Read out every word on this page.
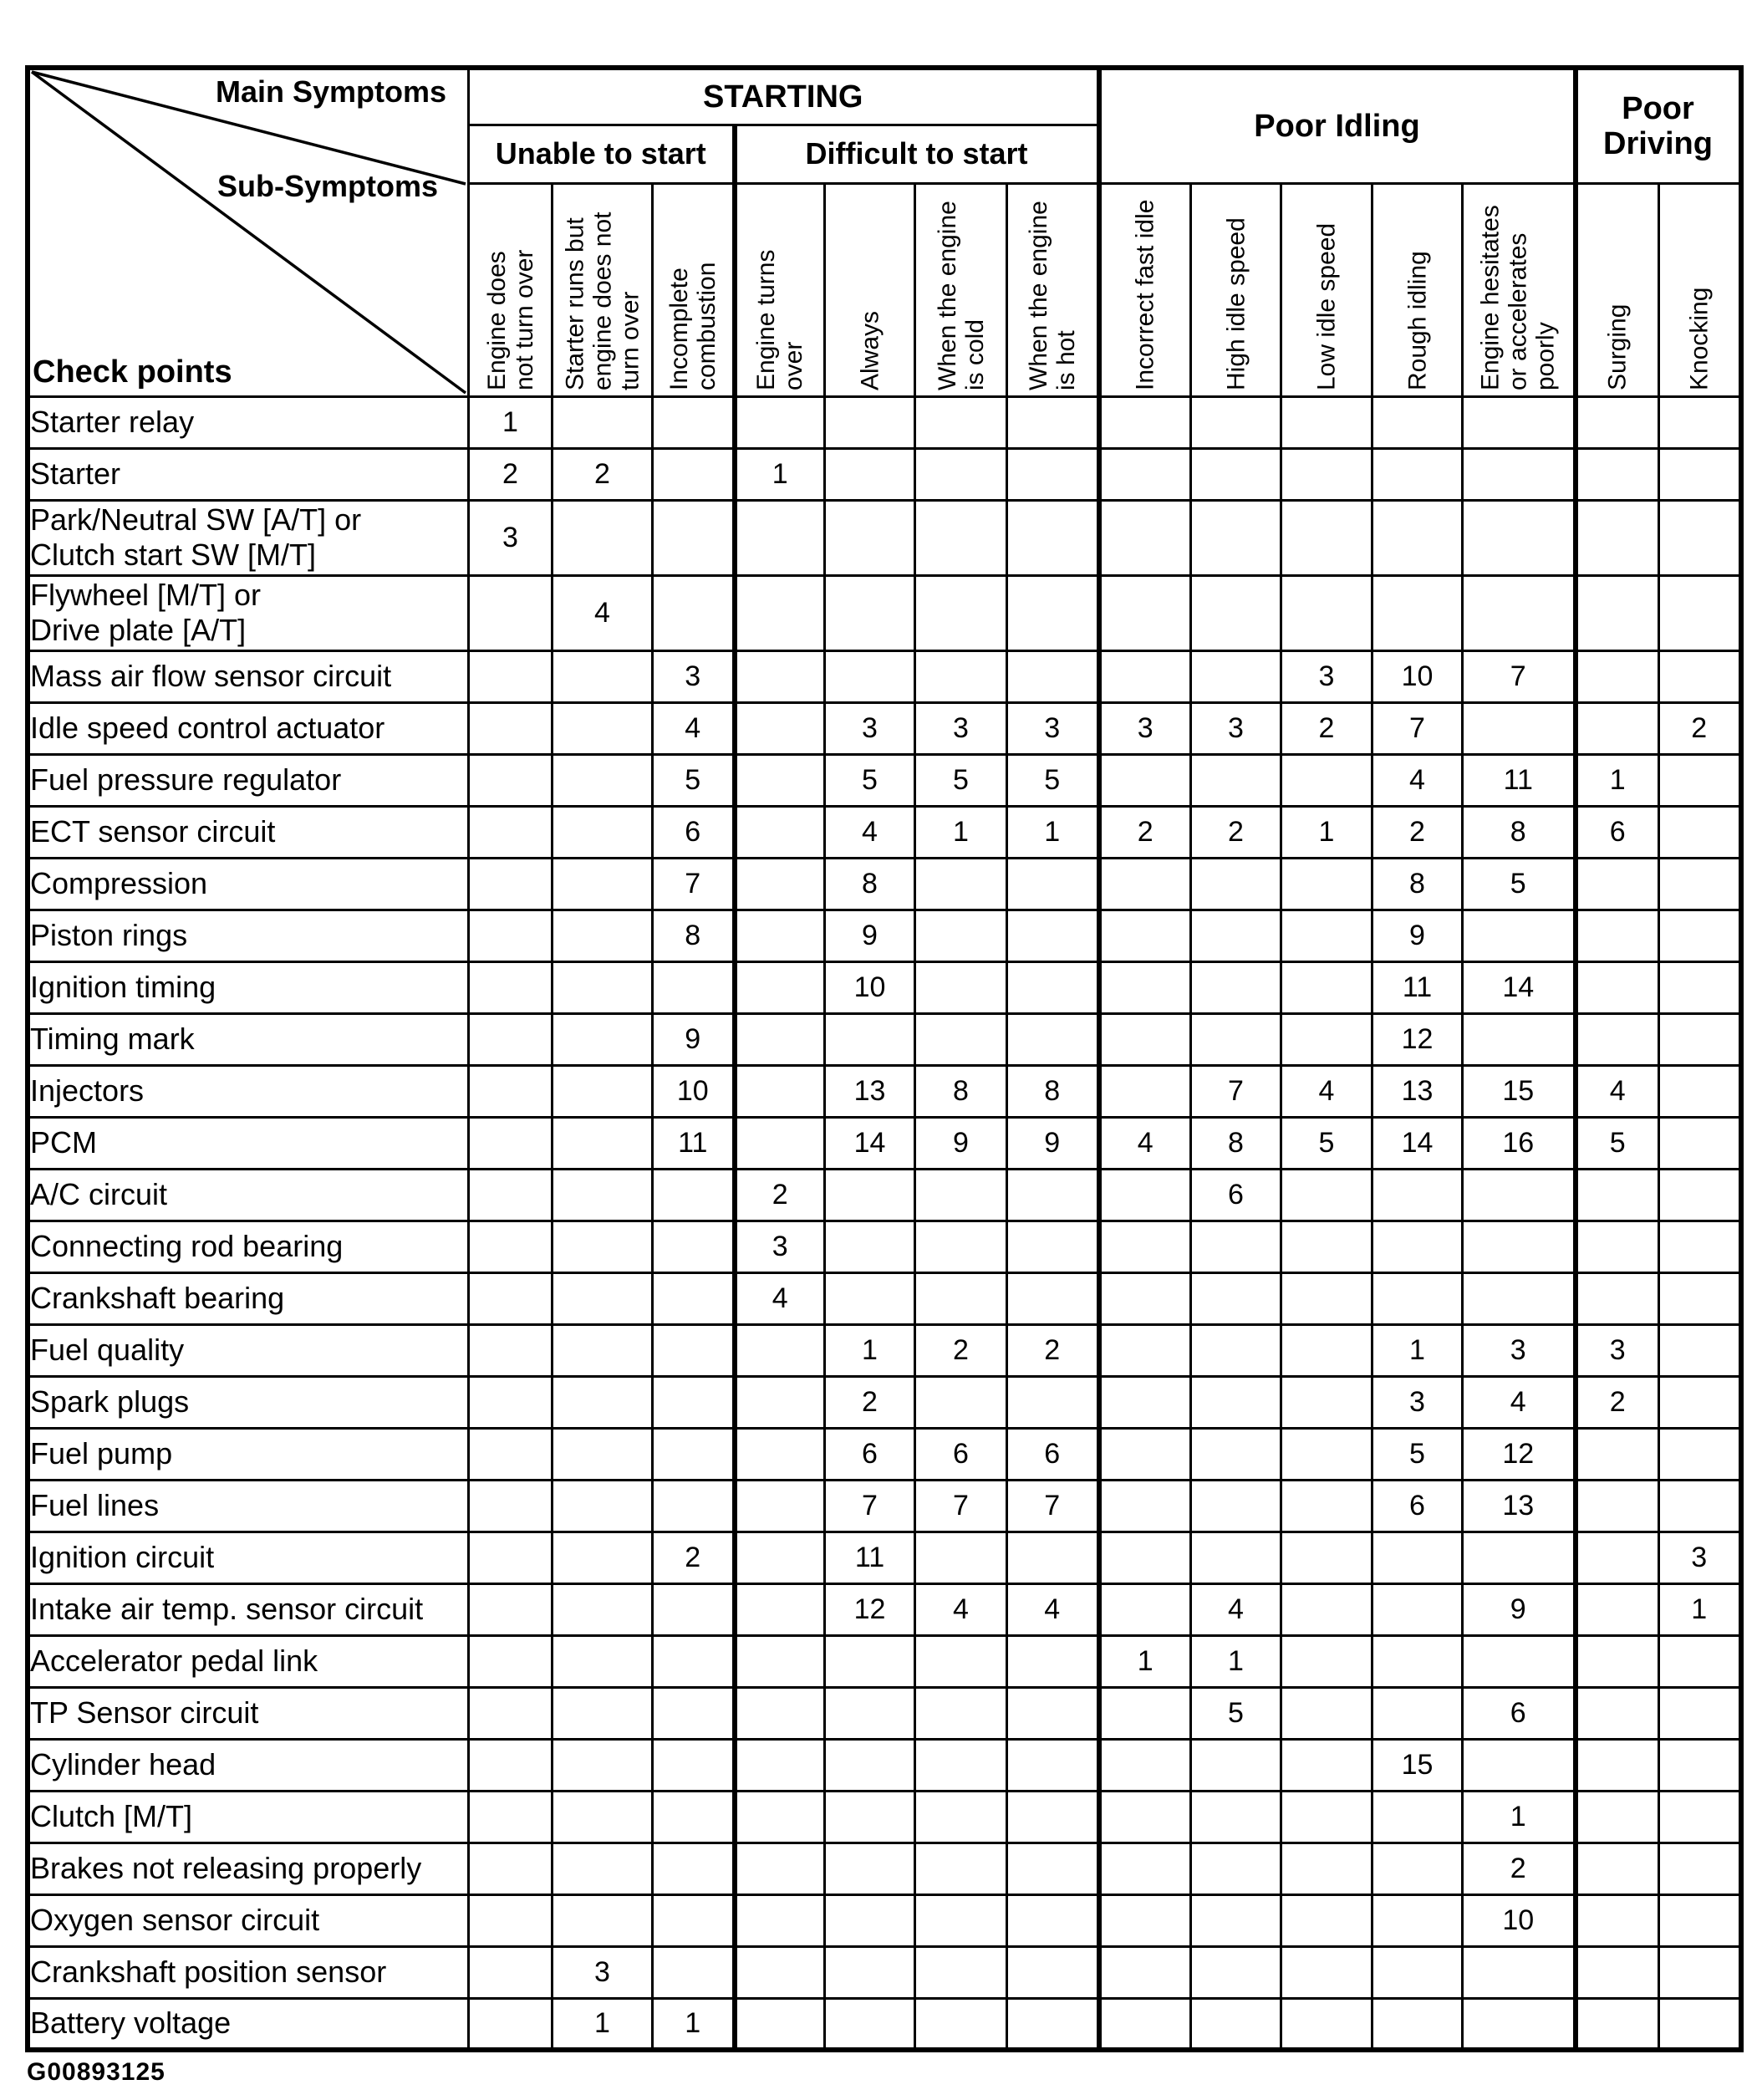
Main Symptoms
Sub-Symptoms
Check points	STARTING							Poor Idling					Poor
Driving	
	Unable to start			Difficult to start										

	Engine does
not turn over	Starter runs but
engine does not
turn over	Incomplete
combustion	Engine turns
over	Always	When the engine
is cold	When the engine
is hot	Incorrect fast idle	High idle speed	Low idle speed	Rough idling	Engine hesitates
or accelerates
poorly	Surging	Knocking

Starter relay	1													
Starter	2	2		1										
Park/Neutral SW [A/T] or
Clutch start SW [M/T]	3													
Flywheel [M/T] or
Drive plate [A/T]		4												
Mass air flow sensor circuit			3							3	10	7		
Idle speed control actuator			4		3	3	3	3	3	2	7			2
Fuel pressure regulator			5		5	5	5				4	11	1	
ECT sensor circuit			6		4	1	1	2	2	1	2	8	6	
Compression			7		8						8	5		
Piston rings			8		9						9			
Ignition timing					10						11	14		
Timing mark			9								12			
Injectors			10		13	8	8		7	4	13	15	4	
PCM			11		14	9	9	4	8	5	14	16	5	
A/C circuit				2					6					
Connecting rod bearing				3										
Crankshaft bearing				4										
Fuel quality					1	2	2				1	3	3	
Spark plugs					2						3	4	2	
Fuel pump					6	6	6				5	12		
Fuel lines					7	7	7				6	13		
Ignition circuit			2		11									3
Intake air temp. sensor circuit					12	4	4		4			9		1
Accelerator pedal link								1	1					
TP Sensor circuit									5			6		
Cylinder head											15			
Clutch [M/T]												1		
Brakes not releasing properly												2		
Oxygen sensor circuit												10		
Crankshaft position sensor		3												
Battery voltage		1	1											
G00893125
